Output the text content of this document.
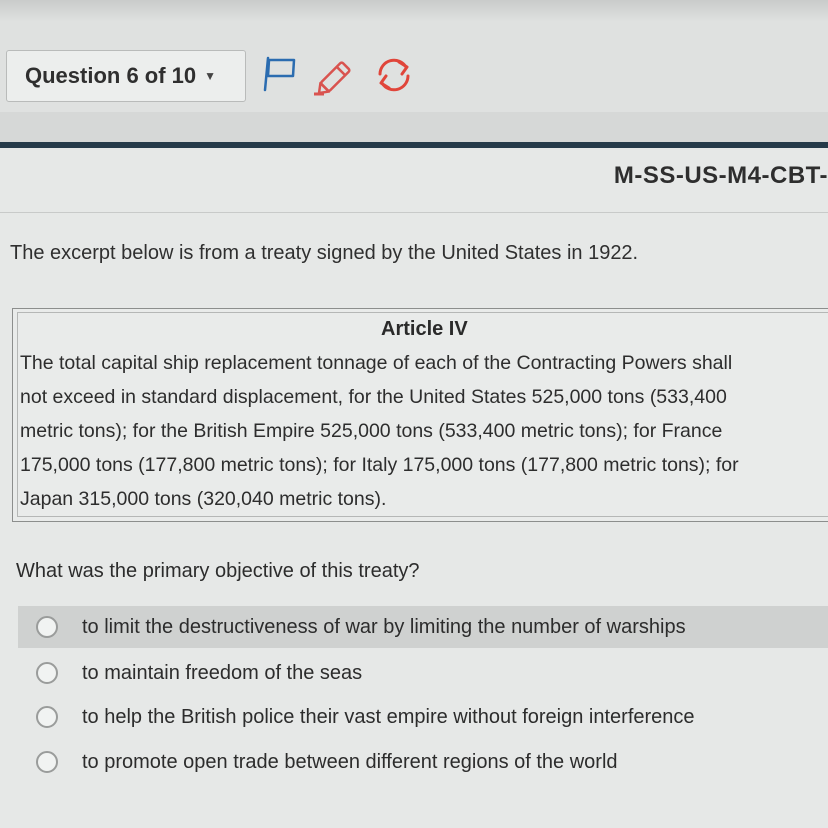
Question 6 of 10 ▼
M-SS-US-M4-CBT-
The excerpt below is from a treaty signed by the United States in 1922.
Article IV
The total capital ship replacement tonnage of each of the Contracting Powers shall
not exceed in standard displacement, for the United States 525,000 tons (533,400
metric tons); for the British Empire 525,000 tons (533,400 metric tons); for France
175,000 tons (177,800 metric tons); for Italy 175,000 tons (177,800 metric tons); for
Japan 315,000 tons (320,040 metric tons).
What was the primary objective of this treaty?
to limit the destructiveness of war by limiting the number of warships
to maintain freedom of the seas
to help the British police their vast empire without foreign interference
to promote open trade between different regions of the world
